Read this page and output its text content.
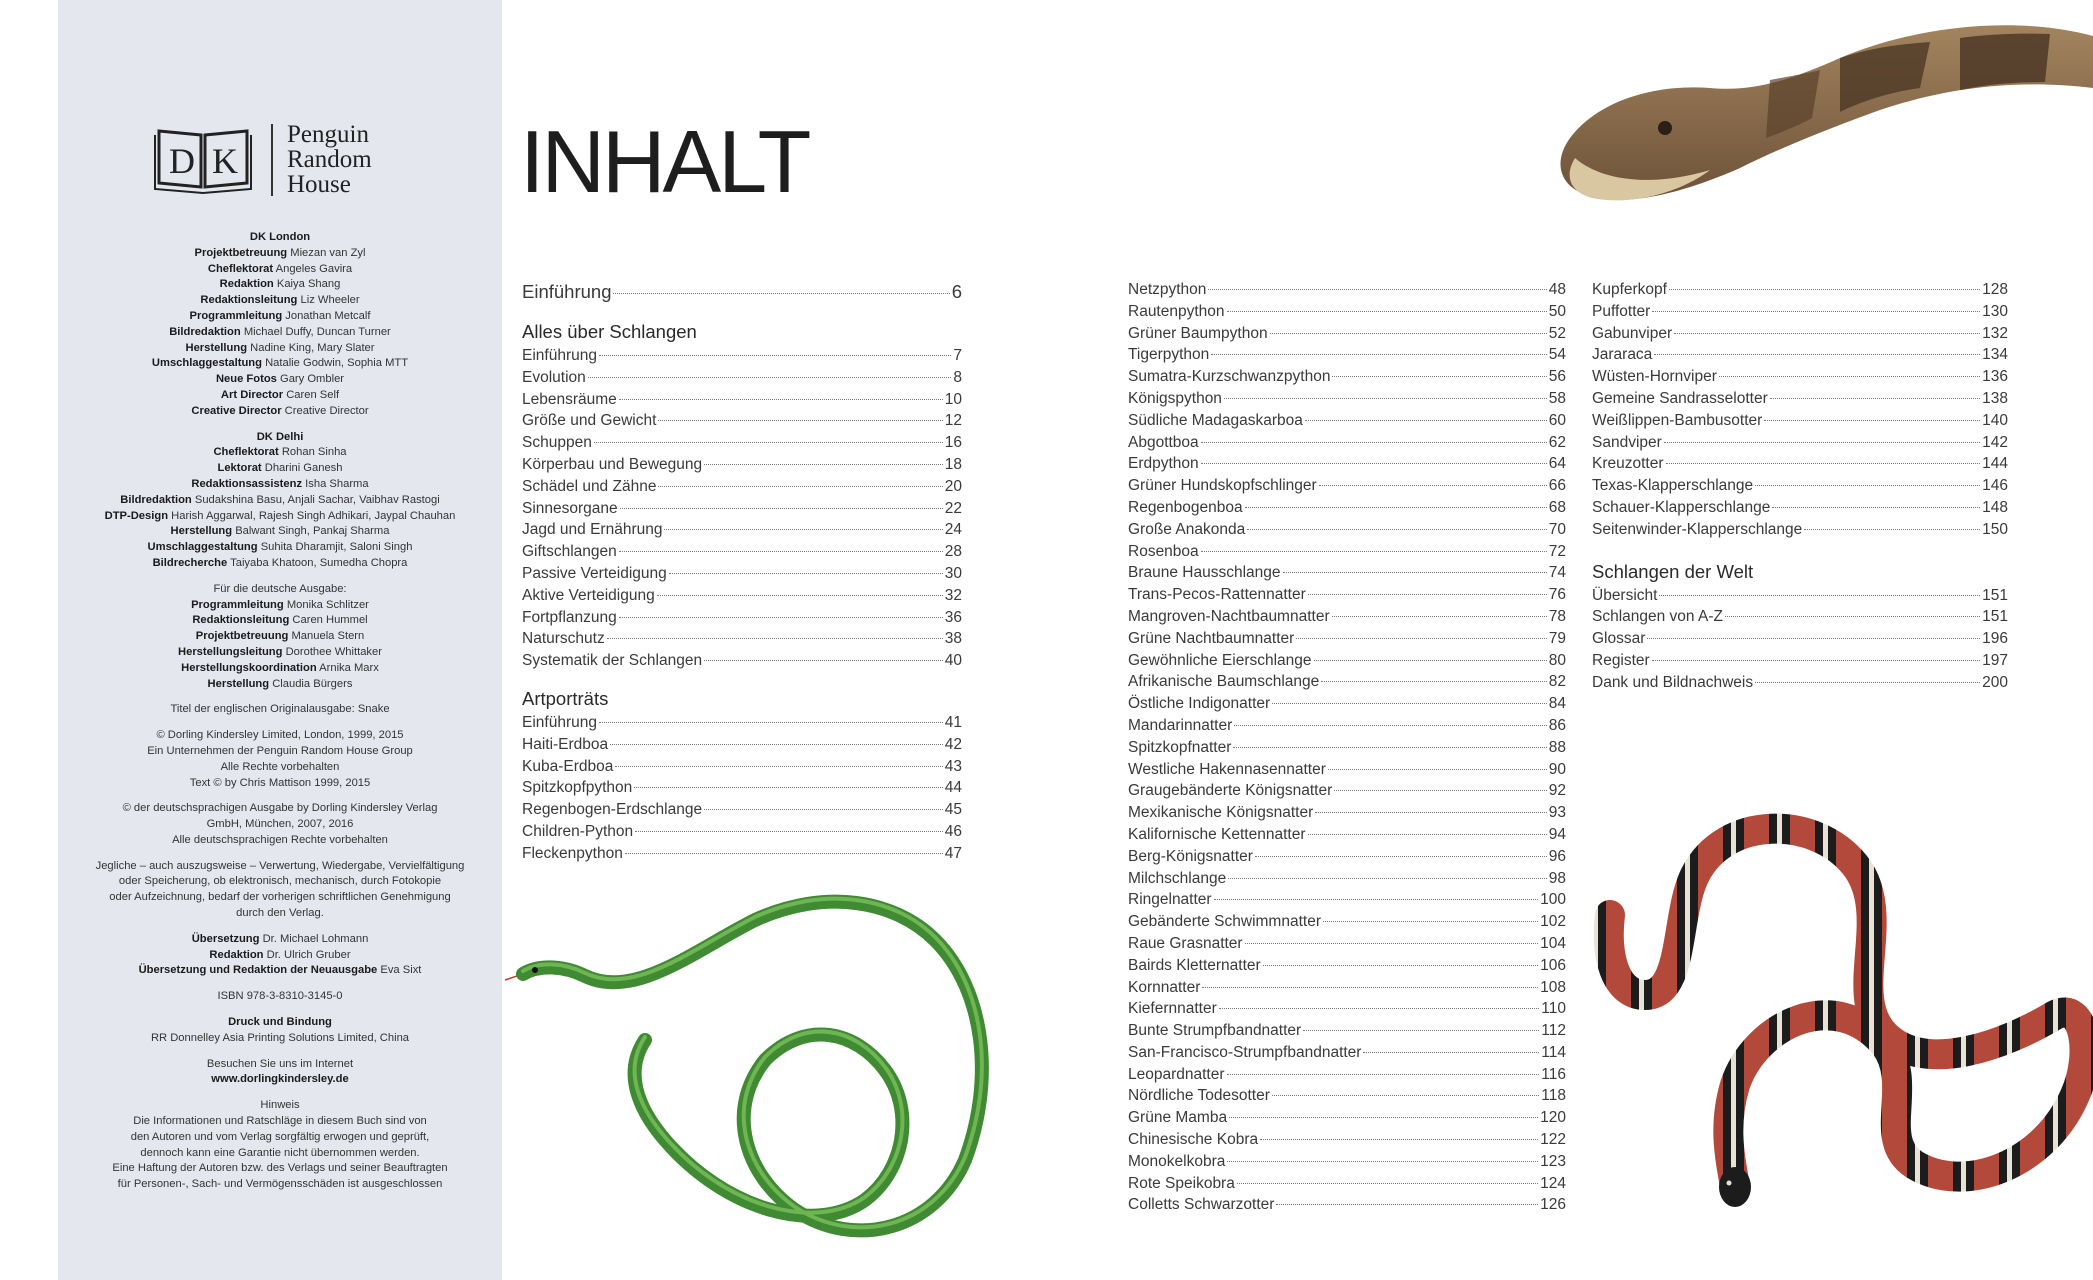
D K
Penguin
Random
House
DK London
Projektbetreuung Miezan van Zyl
Cheflektorat Angeles Gavira
Redaktion Kaiya Shang
Redaktionsleitung Liz Wheeler
Programmleitung Jonathan Metcalf
Bildredaktion Michael Duffy, Duncan Turner
Herstellung Nadine King, Mary Slater
Umschlaggestaltung Natalie Godwin, Sophia MTT
Neue Fotos Gary Ombler
Art Director Caren Self
Creative Director Creative Director
DK Delhi
Cheflektorat Rohan Sinha
Lektorat Dharini Ganesh
Redaktionsassistenz Isha Sharma
Bildredaktion Sudakshina Basu, Anjali Sachar, Vaibhav Rastogi
DTP-Design Harish Aggarwal, Rajesh Singh Adhikari, Jaypal Chauhan
Herstellung Balwant Singh, Pankaj Sharma
Umschlaggestaltung Suhita Dharamjit, Saloni Singh
Bildrecherche Taiyaba Khatoon, Sumedha Chopra
Für die deutsche Ausgabe:
Programmleitung Monika Schlitzer
Redaktionsleitung Caren Hummel
Projektbetreuung Manuela Stern
Herstellungsleitung Dorothee Whittaker
Herstellungskoordination Arnika Marx
Herstellung Claudia Bürgers
Titel der englischen Originalausgabe: Snake
© Dorling Kindersley Limited, London, 1999, 2015
Ein Unternehmen der Penguin Random House Group
Alle Rechte vorbehalten
Text © by Chris Mattison 1999, 2015
© der deutschsprachigen Ausgabe by Dorling Kindersley Verlag
GmbH, München, 2007, 2016
Alle deutschsprachigen Rechte vorbehalten
Jegliche – auch auszugsweise – Verwertung, Wiedergabe, Vervielfältigung
oder Speicherung, ob elektronisch, mechanisch, durch Fotokopie
oder Aufzeichnung, bedarf der vorherigen schriftlichen Genehmigung
durch den Verlag.
Übersetzung Dr. Michael Lohmann
Redaktion Dr. Ulrich Gruber
Übersetzung und Redaktion der Neuausgabe Eva Sixt
ISBN 978-3-8310-3145-0
Druck und Bindung
RR Donnelley Asia Printing Solutions Limited, China
Besuchen Sie uns im Internet
www.dorlingkindersley.de
Hinweis
Die Informationen und Ratschläge in diesem Buch sind von
den Autoren und vom Verlag sorgfältig erwogen und geprüft,
dennoch kann eine Garantie nicht übernommen werden.
Eine Haftung der Autoren bzw. des Verlags und seiner Beauftragten
für Personen-, Sach- und Vermögensschäden ist ausgeschlossen
INHALT
Einführung	6
Alles über Schlangen
Einführung	7
Evolution	8
Lebensräume	10
Größe und Gewicht	12
Schuppen	16
Körperbau und Bewegung	18
Schädel und Zähne	20
Sinnesorgane	22
Jagd und Ernährung	24
Giftschlangen	28
Passive Verteidigung	30
Aktive Verteidigung	32
Fortpflanzung	36
Naturschutz	38
Systematik der Schlangen	40
Artporträts
Einführung	41
Haiti-Erdboa	42
Kuba-Erdboa	43
Spitzkopfpython	44
Regenbogen-Erdschlange	45
Children-Python	46
Fleckenpython	47
Netzpython	48
Rautenpython	50
Grüner Baumpython	52
Tigerpython	54
Sumatra-Kurzschwanzpython	56
Königspython	58
Südliche Madagaskarboa	60
Abgottboa	62
Erdpython	64
Grüner Hundskopfschlinger	66
Regenbogenboa	68
Große Anakonda	70
Rosenboa	72
Braune Hausschlange	74
Trans-Pecos-Rattennatter	76
Mangroven-Nachtbaumnatter	78
Grüne Nachtbaumnatter	79
Gewöhnliche Eierschlange	80
Afrikanische Baumschlange	82
Östliche Indigonatter	84
Mandarinnatter	86
Spitzkopfnatter	88
Westliche Hakennasennatter	90
Graugebänderte Königsnatter	92
Mexikanische Königsnatter	93
Kalifornische Kettennatter	94
Berg-Königsnatter	96
Milchschlange	98
Ringelnatter	100
Gebänderte Schwimmnatter	102
Raue Grasnatter	104
Bairds Kletternatter	106
Kornnatter	108
Kiefernnatter	110
Bunte Strumpfbandnatter	112
San-Francisco-Strumpfbandnatter	114
Leopardnatter	116
Nördliche Todesotter	118
Grüne Mamba	120
Chinesische Kobra	122
Monokelkobra	123
Rote Speikobra	124
Colletts Schwarzotter	126
Kupferkopf	128
Puffotter	130
Gabunviper	132
Jararaca	134
Wüsten-Hornviper	136
Gemeine Sandrasselotter	138
Weißlippen-Bambusotter	140
Sandviper	142
Kreuzotter	144
Texas-Klapperschlange	146
Schauer-Klapperschlange	148
Seitenwinder-Klapperschlange	150
Schlangen der Welt
Übersicht	151
Schlangen von A-Z	151
Glossar	196
Register	197
Dank und Bildnachweis	200
